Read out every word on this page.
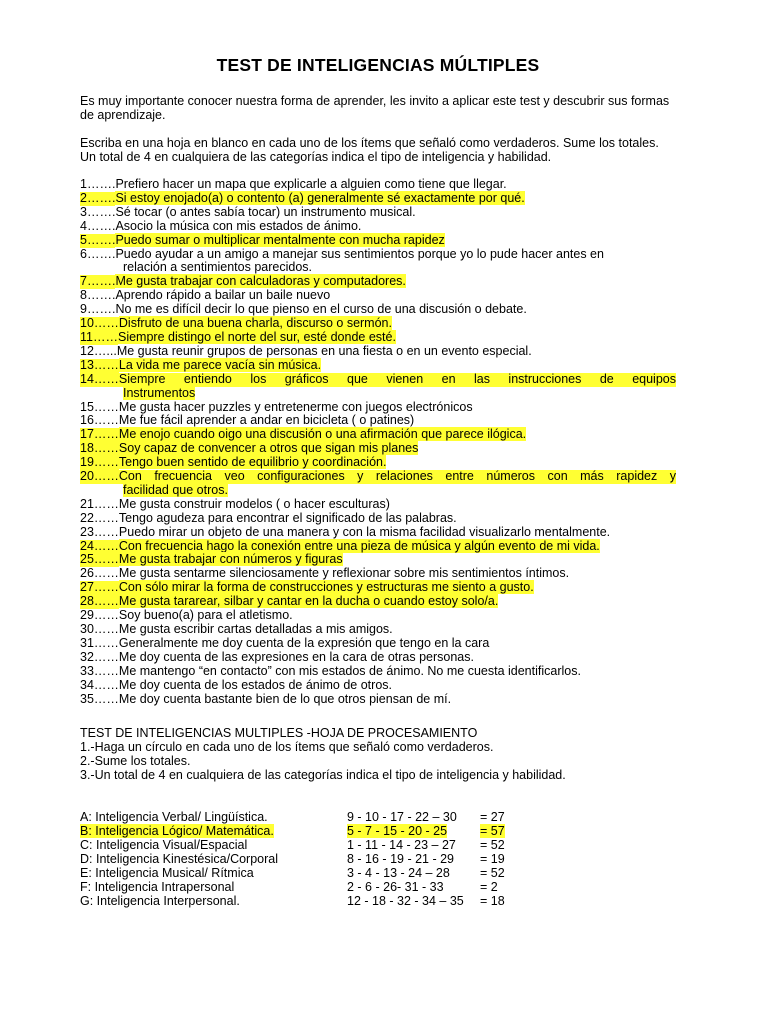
TEST DE INTELIGENCIAS MÚLTIPLES

Es muy importante conocer nuestra forma de aprender, les invito a aplicar este test y descubrir sus formas de aprendizaje.

Escriba en una hoja en blanco en cada uno de los ítems que señaló como verdaderos. Sume los totales. Un total de 4 en cualquiera de las categorías indica el tipo de inteligencia y habilidad.

1……. Prefiero hacer un mapa que explicarle a alguien como tiene que llegar.
2……. Si estoy enojado(a) o contento (a) generalmente sé exactamente por qué.
3……. Sé tocar (o antes sabía tocar) un instrumento musical.
4……. Asocio la música con mis estados de ánimo.
5……. Puedo sumar o multiplicar mentalmente con mucha rapidez
6……. Puedo ayudar a un amigo a manejar sus sentimientos porque yo lo pude hacer antes en
relación a sentimientos parecidos.
7……. Me gusta trabajar con calculadoras y computadores.
8……. Aprendo rápido a bailar un baile nuevo
9……. No me es difícil decir lo que pienso en el curso de una discusión o debate.
10…… Disfruto de una buena charla, discurso o sermón.
11…… Siempre distingo el norte del sur, esté donde esté.
12…... Me gusta reunir grupos de personas en una fiesta o en un evento especial.
13…… La vida me parece vacía sin música.
14…… Siempre entiendo los gráficos que vienen en las instrucciones de equipos
Instrumentos
15…… Me gusta hacer puzzles y entretenerme con juegos electrónicos
16…… Me fue fácil aprender a andar en bicicleta ( o patines)
17…… Me enojo cuando oigo una discusión o una afirmación que parece ilógica.
18…… Soy capaz de convencer a otros que sigan mis planes
19…… Tengo buen sentido de equilibrio y coordinación.
20…… Con frecuencia veo configuraciones y relaciones entre números con más rapidez y
facilidad que otros.
21…… Me gusta construir modelos ( o hacer esculturas)
22…… Tengo agudeza para encontrar el significado de las palabras.
23…… Puedo mirar un objeto de una manera y con la misma facilidad visualizarlo mentalmente.
24…… Con frecuencia hago la conexión entre una pieza de música y algún evento de mi vida.
25…… Me gusta trabajar con números y figuras
26…… Me gusta sentarme silenciosamente y reflexionar sobre mis sentimientos íntimos.
27…… Con sólo mirar la forma de construcciones y estructuras me siento a gusto.
28…… Me gusta tararear, silbar y cantar en la ducha o cuando estoy solo/a.
29…… Soy bueno(a) para el atletismo.
30…… Me gusta escribir cartas detalladas a mis amigos.
31…… Generalmente me doy cuenta de la expresión que tengo en la cara
32…… Me doy cuenta de las expresiones en la cara de otras personas.
33…… Me mantengo “en contacto” con mis estados de ánimo. No me cuesta identificarlos.
34…… Me doy cuenta de los estados de ánimo de otros.
35…… Me doy cuenta bastante bien de lo que otros piensan de mí.

TEST DE INTELIGENCIAS MULTIPLES -HOJA DE PROCESAMIENTO

1.-Haga un círculo en cada uno de los ítems que señaló como verdaderos.

2.-Sume los totales.

3.-Un total de 4 en cualquiera de las categorías indica el tipo de inteligencia y habilidad.

A: Inteligencia Verbal/ Lingüística.	9 - 10 - 17 - 22 – 30	= 27
B: Inteligencia Lógico/ Matemática.	5 - 7 - 15 - 20 - 25	= 57
C: Inteligencia Visual/Espacial	1 - 11 - 14 - 23 – 27	= 52
D: Inteligencia Kinestésica/Corporal	8 - 16 - 19 - 21 - 29	= 19
E: Inteligencia Musical/ Rítmica	3 - 4 - 13 - 24 – 28	= 52
F: Inteligencia Intrapersonal	2 - 6 - 26- 31 - 33	= 2
G: Inteligencia Interpersonal.	12 - 18 - 32 - 34 – 35	= 18
